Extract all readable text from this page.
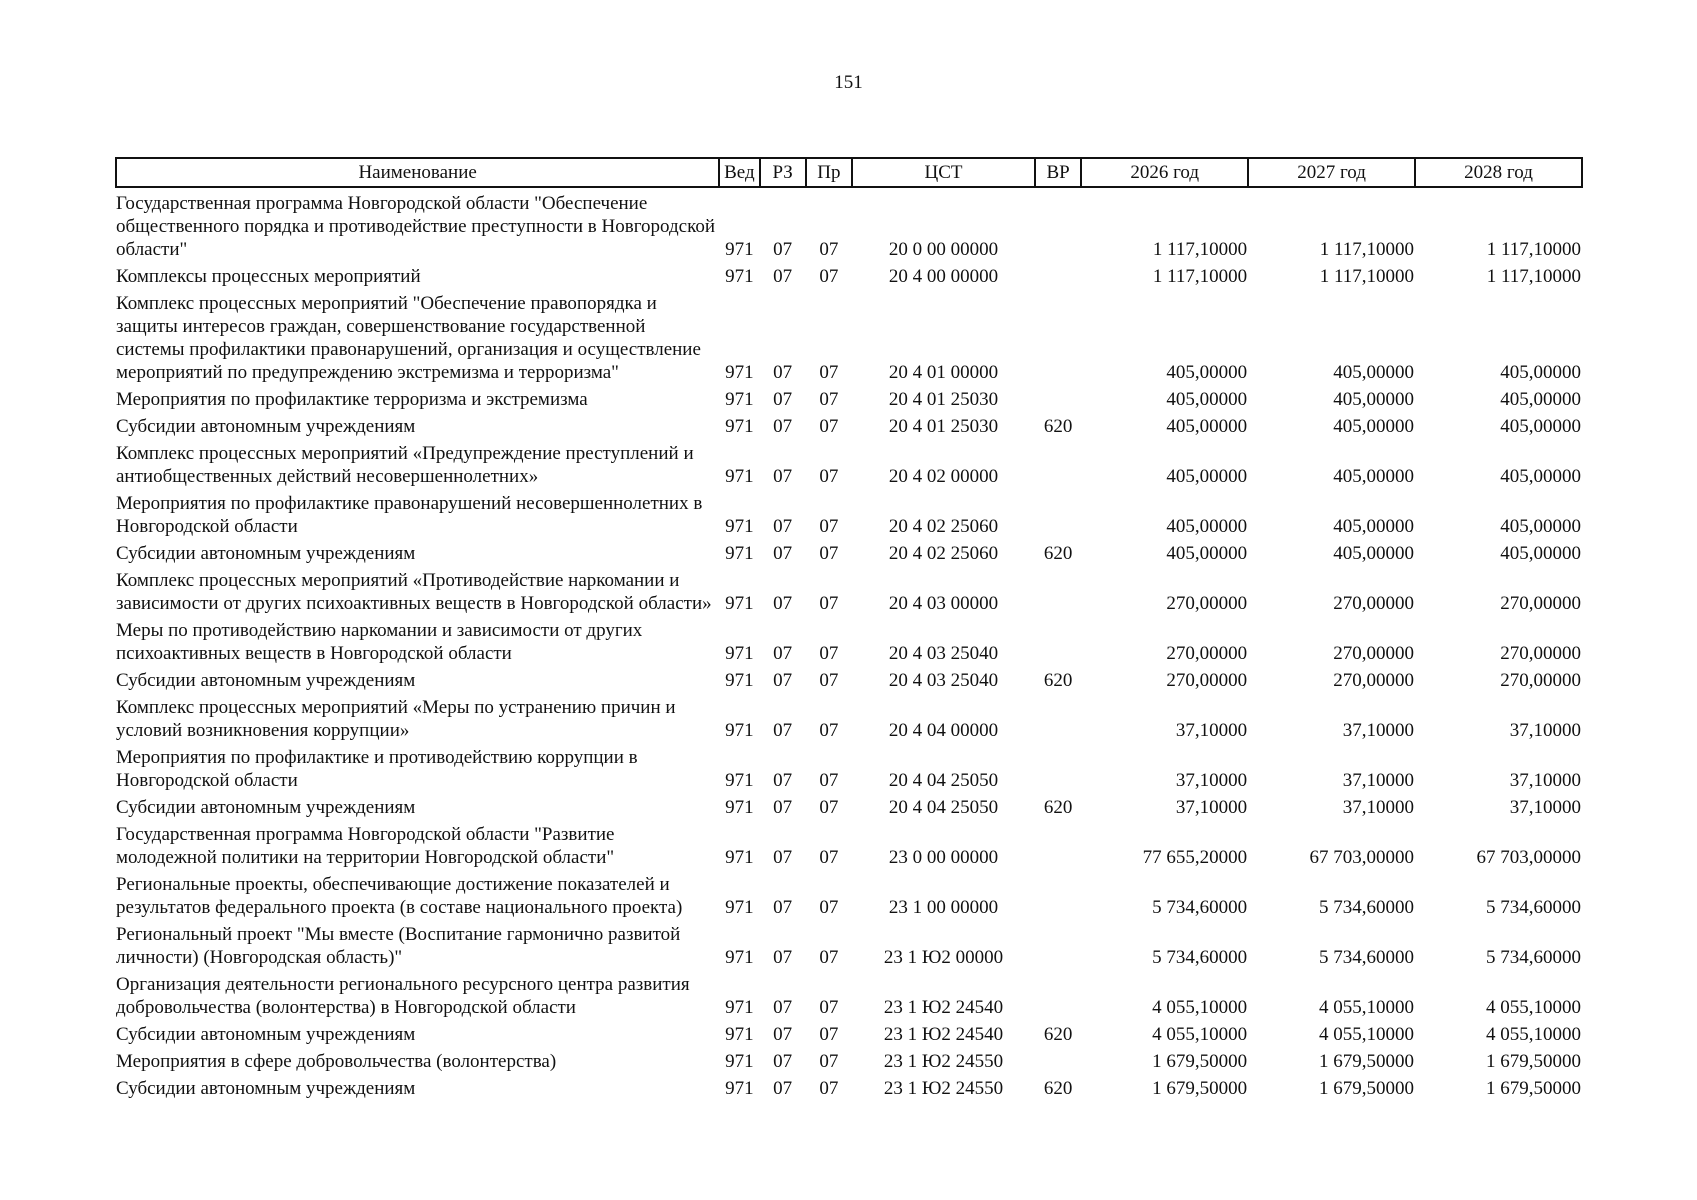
151
Наименование	Вед	РЗ	Пр	ЦСТ	ВР	2026 год	2027 год	2028 год
Государственная программа Новгородской области "Обеспечение общественного порядка и противодействие преступности в Новгородской области"	971	07	07	20 0 00 00000		1 117,10000	1 117,10000	1 117,10000
Комплексы процессных мероприятий	971	07	07	20 4 00 00000		1 117,10000	1 117,10000	1 117,10000
Комплекс процессных мероприятий "Обеспечение правопорядка и защиты интересов граждан, совершенствование государственной системы профилактики правонарушений, организация и осуществление мероприятий по предупреждению экстремизма и терроризма"	971	07	07	20 4 01 00000		405,00000	405,00000	405,00000
Мероприятия по профилактике терроризма и экстремизма	971	07	07	20 4 01 25030		405,00000	405,00000	405,00000
Субсидии автономным учреждениям	971	07	07	20 4 01 25030	620	405,00000	405,00000	405,00000
Комплекс процессных мероприятий «Предупреждение преступлений и антиобщественных действий несовершеннолетних»	971	07	07	20 4 02 00000		405,00000	405,00000	405,00000
Мероприятия по профилактике правонарушений несовершеннолетних в Новгородской области	971	07	07	20 4 02 25060		405,00000	405,00000	405,00000
Субсидии автономным учреждениям	971	07	07	20 4 02 25060	620	405,00000	405,00000	405,00000
Комплекс процессных мероприятий «Противодействие наркомании и зависимости от других психоактивных веществ в Новгородской области»	971	07	07	20 4 03 00000		270,00000	270,00000	270,00000
Меры по противодействию наркомании и зависимости от других психоактивных веществ в Новгородской области	971	07	07	20 4 03 25040		270,00000	270,00000	270,00000
Субсидии автономным учреждениям	971	07	07	20 4 03 25040	620	270,00000	270,00000	270,00000
Комплекс процессных мероприятий «Меры по устранению причин и условий возникновения коррупции»	971	07	07	20 4 04 00000		37,10000	37,10000	37,10000
Мероприятия по профилактике и противодействию коррупции в Новгородской области	971	07	07	20 4 04 25050		37,10000	37,10000	37,10000
Субсидии автономным учреждениям	971	07	07	20 4 04 25050	620	37,10000	37,10000	37,10000
Государственная программа Новгородской области "Развитие молодежной политики на территории Новгородской области"	971	07	07	23 0 00 00000		77 655,20000	67 703,00000	67 703,00000
Региональные проекты, обеспечивающие достижение показателей и результатов федерального проекта (в составе национального проекта)	971	07	07	23 1 00 00000		5 734,60000	5 734,60000	5 734,60000
Региональный проект "Мы вместе (Воспитание гармонично развитой личности) (Новгородская область)"	971	07	07	23 1 Ю2 00000		5 734,60000	5 734,60000	5 734,60000
Организация деятельности регионального ресурсного центра развития добровольчества (волонтерства) в Новгородской области	971	07	07	23 1 Ю2 24540		4 055,10000	4 055,10000	4 055,10000
Субсидии автономным учреждениям	971	07	07	23 1 Ю2 24540	620	4 055,10000	4 055,10000	4 055,10000
Мероприятия в сфере добровольчества (волонтерства)	971	07	07	23 1 Ю2 24550		1 679,50000	1 679,50000	1 679,50000
Субсидии автономным учреждениям	971	07	07	23 1 Ю2 24550	620	1 679,50000	1 679,50000	1 679,50000
